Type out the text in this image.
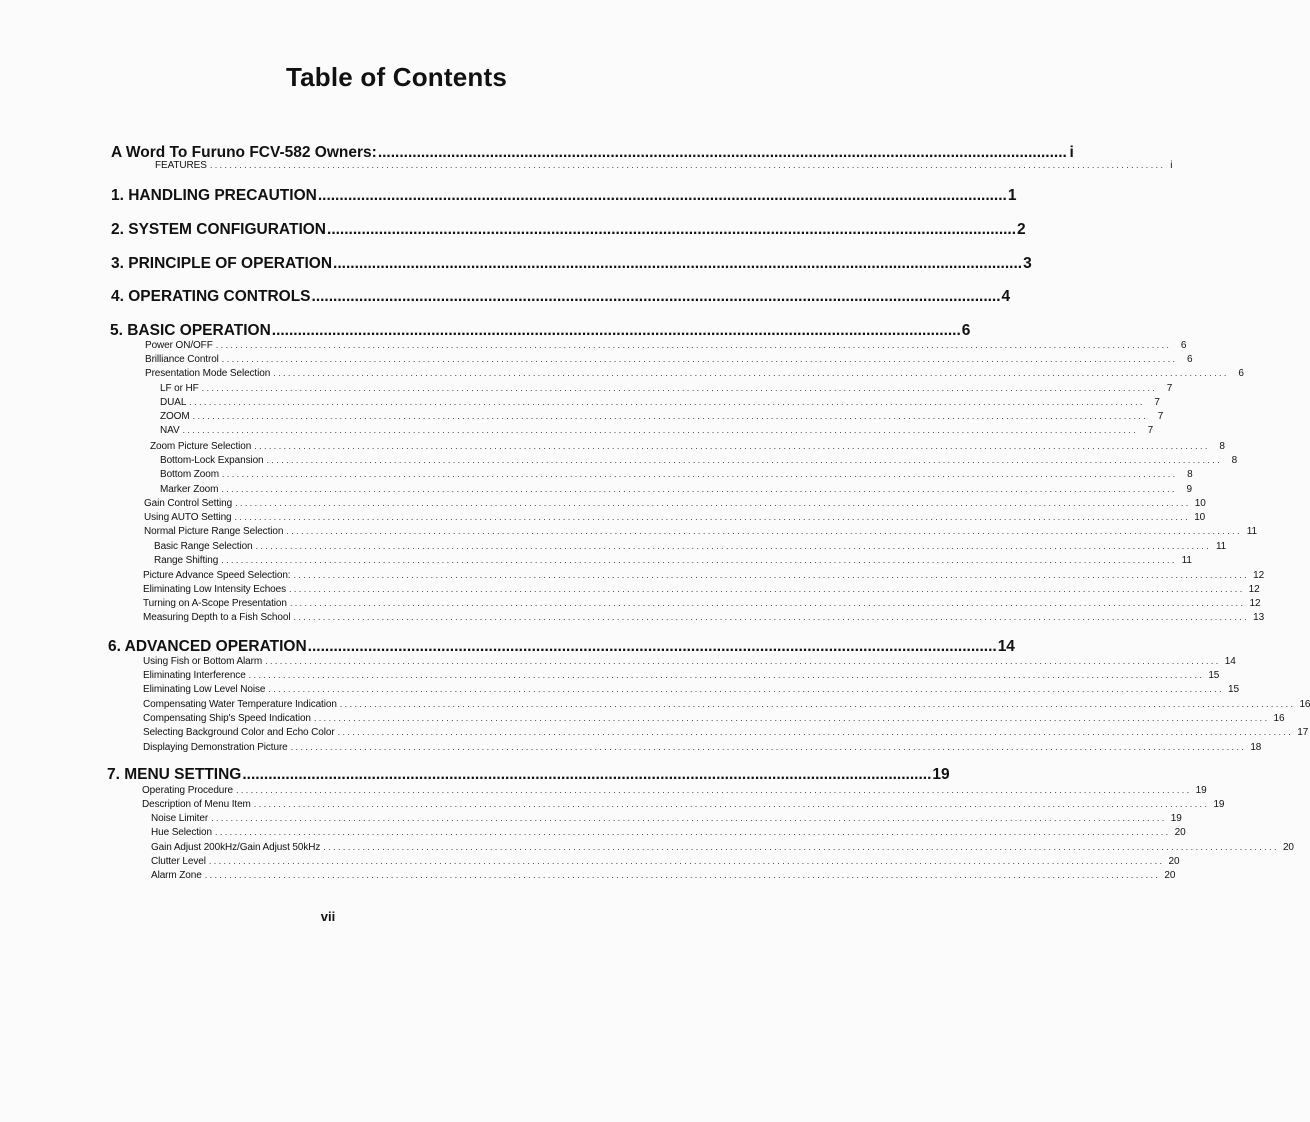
Table of Contents
A Word To Furuno FCV-582 Owners: ................................................................................................................................................................ i
FEATURES ................................................................................................................................................................................................... i
1. HANDLING PRECAUTION ................................................................................................................................................................ 1
2. SYSTEM CONFIGURATION ................................................................................................................................................................ 2
3. PRINCIPLE OF OPERATION ................................................................................................................................................................ 3
4. OPERATING CONTROLS ................................................................................................................................................................ 4
5. BASIC OPERATION ................................................................................................................................................................ 6
Power ON/OFF ................................................................................................................................................................................................... 6
Brilliance Control ................................................................................................................................................................................................... 6
Presentation Mode Selection ................................................................................................................................................................................................... 6
LF or HF ................................................................................................................................................................................................... 7
DUAL ................................................................................................................................................................................................... 7
ZOOM ................................................................................................................................................................................................... 7
NAV ................................................................................................................................................................................................... 7
Zoom Picture Selection ................................................................................................................................................................................................... 8
Bottom-Lock Expansion ................................................................................................................................................................................................... 8
Bottom Zoom ................................................................................................................................................................................................... 8
Marker Zoom ................................................................................................................................................................................................... 9
Gain Control Setting ................................................................................................................................................................................................... 10
Using AUTO Setting ................................................................................................................................................................................................... 10
Normal Picture Range Selection ................................................................................................................................................................................................... 11
Basic Range Selection ................................................................................................................................................................................................... 11
Range Shifting ................................................................................................................................................................................................... 11
Picture Advance Speed Selection: ................................................................................................................................................................................................... 12
Eliminating Low Intensity Echoes ................................................................................................................................................................................................... 12
Turning on A-Scope Presentation ................................................................................................................................................................................................... 12
Measuring Depth to a Fish School ................................................................................................................................................................................................... 13
6. ADVANCED OPERATION ................................................................................................................................................................ 14
Using Fish or Bottom Alarm ................................................................................................................................................................................................... 14
Eliminating Interference ................................................................................................................................................................................................... 15
Eliminating Low Level Noise ................................................................................................................................................................................................... 15
Compensating Water Temperature Indication ................................................................................................................................................................................................... 16
Compensating Ship's Speed Indication ................................................................................................................................................................................................... 16
Selecting Background Color and Echo Color ................................................................................................................................................................................................... 17
Displaying Demonstration Picture ................................................................................................................................................................................................... 18
7. MENU SETTING ................................................................................................................................................................ 19
Operating Procedure ................................................................................................................................................................................................... 19
Description of Menu Item ................................................................................................................................................................................................... 19
Noise Limiter ................................................................................................................................................................................................... 19
Hue Selection ................................................................................................................................................................................................... 20
Gain Adjust 200kHz/Gain Adjust 50kHz ................................................................................................................................................................................................... 20
Clutter Level ................................................................................................................................................................................................... 20
Alarm Zone ................................................................................................................................................................................................... 20
vii
